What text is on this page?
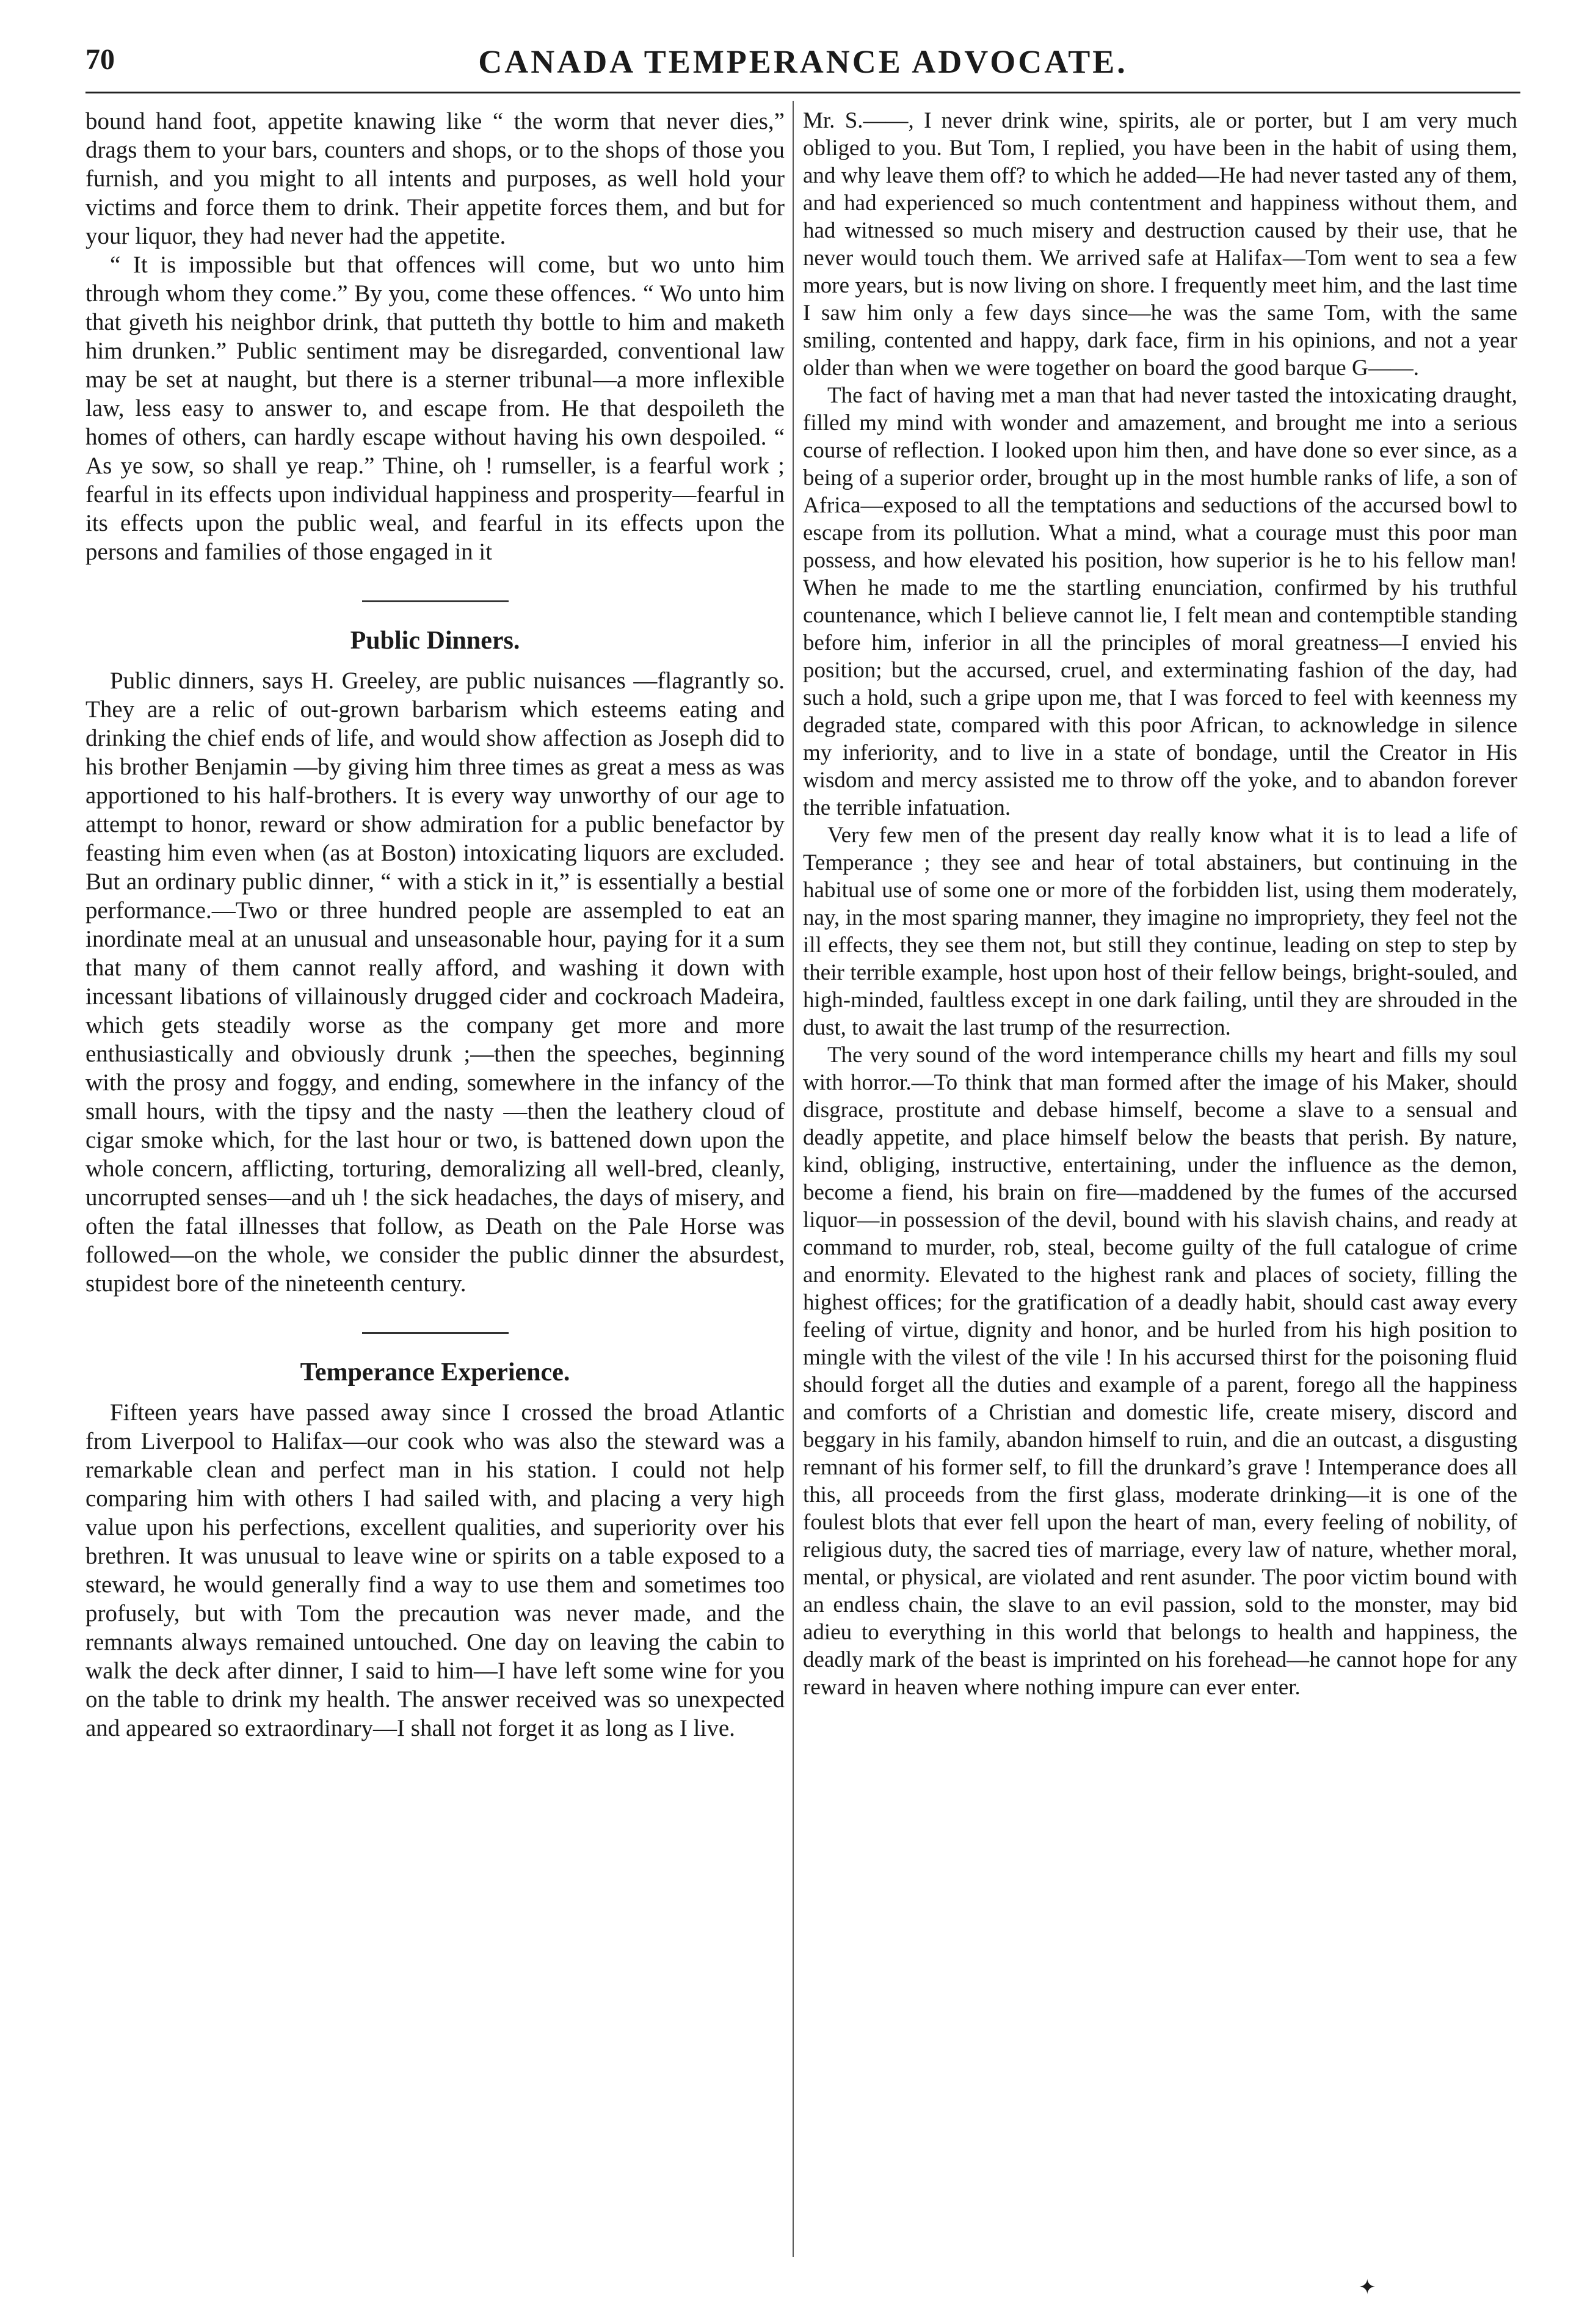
70	CANADA TEMPERANCE ADVOCATE.

bound hand foot, appetite knawing like “ the worm that never dies,” drags them to your bars, counters and shops, or to the shops of those you furnish, and you might to all intents and purposes, as well hold your victims and force them to drink. Their appetite forces them, and but for your liquor, they had never had the appetite.

“ It is impossible but that offences will come, but wo unto him through whom they come.” By you, come these offences. “ Wo unto him that giveth his neighbor drink, that putteth thy bottle to him and maketh him drunken.” Public sentiment may be disregarded, conventional law may be set at naught, but there is a sterner tribunal—a more inflexible law, less easy to answer to, and escape from. He that despoileth the homes of others, can hardly escape without having his own despoiled. “ As ye sow, so shall ye reap.” Thine, oh ! rumseller, is a fearful work ; fearful in its effects upon individual happiness and prosperity—fearful in its effects upon the public weal, and fearful in its effects upon the persons and families of those engaged in it

Public Dinners.

Public dinners, says H. Greeley, are public nuisances —flagrantly so. They are a relic of out-grown barbarism which esteems eating and drinking the chief ends of life, and would show affection as Joseph did to his brother Benjamin —by giving him three times as great a mess as was apportioned to his half-brothers. It is every way unworthy of our age to attempt to honor, reward or show admiration for a public benefactor by feasting him even when (as at Boston) intoxicating liquors are excluded. But an ordinary public dinner, “ with a stick in it,” is essentially a bestial performance.—Two or three hundred people are assempled to eat an inordinate meal at an unusual and unseasonable hour, paying for it a sum that many of them cannot really afford, and washing it down with incessant libations of villainously drugged cider and cockroach Madeira, which gets steadily worse as the company get more and more enthusiastically and obviously drunk ;—then the speeches, beginning with the prosy and foggy, and ending, somewhere in the infancy of the small hours, with the tipsy and the nasty —then the leathery cloud of cigar smoke which, for the last hour or two, is battened down upon the whole concern, afflicting, torturing, demoralizing all well-bred, cleanly, uncorrupted senses—and uh ! the sick headaches, the days of misery, and often the fatal illnesses that follow, as Death on the Pale Horse was followed—on the whole, we consider the public dinner the absurdest, stupidest bore of the nineteenth century.

Temperance Experience.

Fifteen years have passed away since I crossed the broad Atlantic from Liverpool to Halifax—our cook who was also the steward was a remarkable clean and perfect man in his station. I could not help comparing him with others I had sailed with, and placing a very high value upon his perfections, excellent qualities, and superiority over his brethren. It was unusual to leave wine or spirits on a table exposed to a steward, he would generally find a way to use them and sometimes too profusely, but with Tom the precaution was never made, and the remnants always remained untouched. One day on leaving the cabin to walk the deck after dinner, I said to him—I have left some wine for you on the table to drink my health. The answer received was so unexpected and appeared so extraordinary—I shall not forget it as long as I live.

Mr. S.——, I never drink wine, spirits, ale or porter, but I am very much obliged to you. But Tom, I replied, you have been in the habit of using them, and why leave them off? to which he added—He had never tasted any of them, and had experienced so much contentment and happiness without them, and had witnessed so much misery and destruction caused by their use, that he never would touch them. We arrived safe at Halifax—Tom went to sea a few more years, but is now living on shore. I frequently meet him, and the last time I saw him only a few days since—he was the same Tom, with the same smiling, contented and happy, dark face, firm in his opinions, and not a year older than when we were together on board the good barque G——.

The fact of having met a man that had never tasted the intoxicating draught, filled my mind with wonder and amazement, and brought me into a serious course of reflection. I looked upon him then, and have done so ever since, as a being of a superior order, brought up in the most humble ranks of life, a son of Africa—exposed to all the temptations and seductions of the accursed bowl to escape from its pollution. What a mind, what a courage must this poor man possess, and how elevated his position, how superior is he to his fellow man! When he made to me the startling enunciation, confirmed by his truthful countenance, which I believe cannot lie, I felt mean and contemptible standing before him, inferior in all the principles of moral greatness—I envied his position; but the accursed, cruel, and exterminating fashion of the day, had such a hold, such a gripe upon me, that I was forced to feel with keenness my degraded state, compared with this poor African, to acknowledge in silence my inferiority, and to live in a state of bondage, until the Creator in His wisdom and mercy assisted me to throw off the yoke, and to abandon forever the terrible infatuation.

Very few men of the present day really know what it is to lead a life of Temperance ; they see and hear of total abstainers, but continuing in the habitual use of some one or more of the forbidden list, using them moderately, nay, in the most sparing manner, they imagine no impropriety, they feel not the ill effects, they see them not, but still they continue, leading on step to step by their terrible example, host upon host of their fellow beings, bright-souled, and high-minded, faultless except in one dark failing, until they are shrouded in the dust, to await the last trump of the resurrection.

The very sound of the word intemperance chills my heart and fills my soul with horror.—To think that man formed after the image of his Maker, should disgrace, prostitute and debase himself, become a slave to a sensual and deadly appetite, and place himself below the beasts that perish. By nature, kind, obliging, instructive, entertaining, under the influence as the demon, become a fiend, his brain on fire—maddened by the fumes of the accursed liquor—in possession of the devil, bound with his slavish chains, and ready at command to murder, rob, steal, become guilty of the full catalogue of crime and enormity. Elevated to the highest rank and places of society, filling the highest offices; for the gratification of a deadly habit, should cast away every feeling of virtue, dignity and honor, and be hurled from his high position to mingle with the vilest of the vile ! In his accursed thirst for the poisoning fluid should forget all the duties and example of a parent, forego all the happiness and comforts of a Christian and domestic life, create misery, discord and beggary in his family, abandon himself to ruin, and die an outcast, a disgusting remnant of his former self, to fill the drunkard’s grave ! Intemperance does all this, all proceeds from the first glass, moderate drinking—it is one of the foulest blots that ever fell upon the heart of man, every feeling of nobility, of religious duty, the sacred ties of marriage, every law of nature, whether moral, mental, or physical, are violated and rent asunder. The poor victim bound with an endless chain, the slave to an evil passion, sold to the monster, may bid adieu to everything in this world that belongs to health and happiness, the deadly mark of the beast is imprinted on his forehead—he cannot hope for any reward in heaven where nothing impure can ever enter.

✦
